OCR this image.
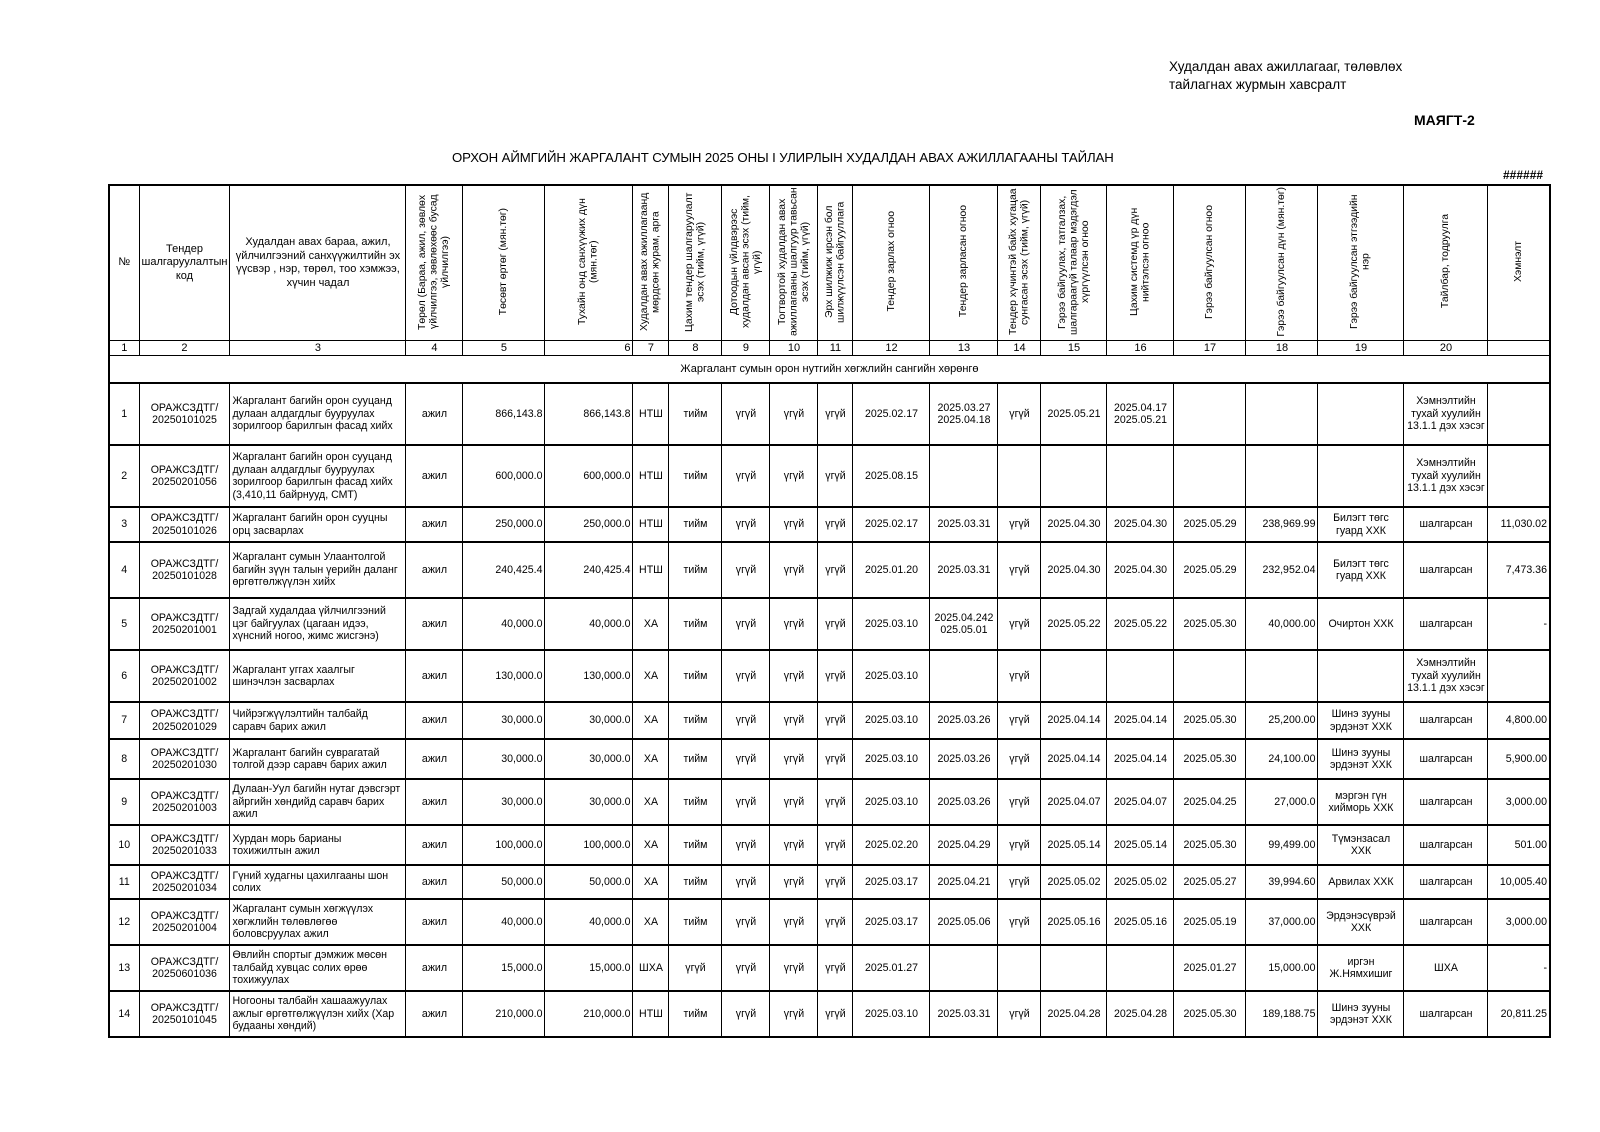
Худалдан авах ажиллагааг, төлөвлөх
тайлагнах журмын хавсралт
МАЯГТ-2
ОРХОН АЙМГИЙН ЖАРГАЛАНТ СУМЫН 2025 ОНЫ I УЛИРЛЫН ХУДАЛДАН АВАХ АЖИЛЛАГААНЫ ТАЙЛАН
######
№	Тендер шалгаруулалтын код	Худалдан авах бараа, ажил, үйлчилгээний санхүүжилтийн эх үүсвэр , нэр, төрөл, тоо хэмжээ, хүчин чадал	Төрөл (Бараа, ажил, зөвлөх үйлчилгээ, зөвлөхөөс бусад үйлчилгээ)	Төсөвт өртөг (мян.төг)	Тухайн онд санхүүжих дүн (мян.төг)	Худалдан авах ажиллагаанд мөрдсөн журам, арга	Цахим тендер шалгаруулалт эсэх (тийм, үгүй)	Дотоодын үйлдвэрээс худалдан авсан эсэх (тийм, үгүй)	Тогтвортой худалдан авах ажиллагааны шалгуур тавьсан эсэх (тийм, үгүй)	Эрх шилжиж ирсэн бол шилжүүлсэн байгууллага	Тендер зарлах огноо	Тендер зарласан огноо	Тендер хүчинтэй байх хугацаа сунгасан эсэх (тийм, үгүй)	Гэрээ байгуулах, татгалзах, шалгараагүй талаар мэдэгдэл хүргүүлсэн огноо	Цахим системд үр дүн нийтэлсэн огноо	Гэрээ байгуулсан огноо	Гэрээ байгуулсан дүн (мян.төг)	Гэрээ байгуулсан этгээдийн нэр	Тайлбар, тодруулга	Хэмнэлт
1	2	3	4	5	6	7	8	9	10	11	12	13	14	15	16	17	18	19	20	
Жаргалант сумын орон нутгийн хөгжлийн сангийн хөрөнгө																				
1	ОРАЖСЗДТГ/ 20250101025	Жаргалант багийн орон сууцанд дулаан алдагдлыг бууруулах зорилгоор барилгын фасад хийх	ажил	866,143.8	866,143.8	НТШ	тийм	үгүй	үгүй	үгүй	2025.02.17	2025.03.27 2025.04.18	үгүй	2025.05.21	2025.04.17 2025.05.21				Хэмнэлтийн тухай хуулийн 13.1.1 дэх хэсэг	
2	ОРАЖСЗДТГ/ 20250201056	Жаргалант багийн орон сууцанд дулаан алдагдлыг бууруулах зорилгоор барилгын фасад хийх (3,410,11 байрнууд, СМТ)	ажил	600,000.0	600,000.0	НТШ	тийм	үгүй	үгүй	үгүй	2025.08.15								Хэмнэлтийн тухай хуулийн 13.1.1 дэх хэсэг	
3	ОРАЖСЗДТГ/ 20250101026	Жаргалант багийн орон сууцны орц засварлах	ажил	250,000.0	250,000.0	НТШ	тийм	үгүй	үгүй	үгүй	2025.02.17	2025.03.31	үгүй	2025.04.30	2025.04.30	2025.05.29	238,969.99	Билэгт төгс гуард ХХК	шалгарсан	11,030.02
4	ОРАЖСЗДТГ/ 20250101028	Жаргалант сумын Улаантолгой багийн зүүн талын үерийн даланг өргөтгөлжүүлэн хийх	ажил	240,425.4	240,425.4	НТШ	тийм	үгүй	үгүй	үгүй	2025.01.20	2025.03.31	үгүй	2025.04.30	2025.04.30	2025.05.29	232,952.04	Билэгт төгс гуард ХХК	шалгарсан	7,473.36
5	ОРАЖСЗДТГ/ 20250201001	Задгай худалдаа үйлчилгээний цэг байгуулах (цагаан идээ, хүнсний ногоо, жимс жисгэнэ)	ажил	40,000.0	40,000.0	ХА	тийм	үгүй	үгүй	үгүй	2025.03.10	2025.04.242 025.05.01	үгүй	2025.05.22	2025.05.22	2025.05.30	40,000.00	Очиртон ХХК	шалгарсан	-
6	ОРАЖСЗДТГ/ 20250201002	Жаргалант уггах хаалгыг шинэчлэн засварлах	ажил	130,000.0	130,000.0	ХА	тийм	үгүй	үгүй	үгүй	2025.03.10		үгүй						Хэмнэлтийн тухай хуулийн 13.1.1 дэх хэсэг	
7	ОРАЖСЗДТГ/ 20250201029	Чийрэгжүүлэлтийн талбайд саравч барих ажил	ажил	30,000.0	30,000.0	ХА	тийм	үгүй	үгүй	үгүй	2025.03.10	2025.03.26	үгүй	2025.04.14	2025.04.14	2025.05.30	25,200.00	Шинэ зууны эрдэнэт ХХК	шалгарсан	4,800.00
8	ОРАЖСЗДТГ/ 20250201030	Жаргалант багийн суврагатай толгой дээр саравч барих ажил	ажил	30,000.0	30,000.0	ХА	тийм	үгүй	үгүй	үгүй	2025.03.10	2025.03.26	үгүй	2025.04.14	2025.04.14	2025.05.30	24,100.00	Шинэ зууны эрдэнэт ХХК	шалгарсан	5,900.00
9	ОРАЖСЗДТГ/ 20250201003	Дулаан-Уул багийн нутаг дэвсгэрт айргийн хөндийд саравч барих ажил	ажил	30,000.0	30,000.0	ХА	тийм	үгүй	үгүй	үгүй	2025.03.10	2025.03.26	үгүй	2025.04.07	2025.04.07	2025.04.25	27,000.0	мэргэн гүн хийморь ХХК	шалгарсан	3,000.00
10	ОРАЖСЗДТГ/ 20250201033	Хурдан морь барианы тохижилтын ажил	ажил	100,000.0	100,000.0	ХА	тийм	үгүй	үгүй	үгүй	2025.02.20	2025.04.29	үгүй	2025.05.14	2025.05.14	2025.05.30	99,499.00	Түмэнзасал ХХК	шалгарсан	501.00
11	ОРАЖСЗДТГ/ 20250201034	Гүний худагны цахилгааны шон солих	ажил	50,000.0	50,000.0	ХА	тийм	үгүй	үгүй	үгүй	2025.03.17	2025.04.21	үгүй	2025.05.02	2025.05.02	2025.05.27	39,994.60	Арвилах ХХК	шалгарсан	10,005.40
12	ОРАЖСЗДТГ/ 20250201004	Жаргалант сумын хөгжүүлэх хөгжлийн төлөвлөгөө боловсруулах ажил	ажил	40,000.0	40,000.0	ХА	тийм	үгүй	үгүй	үгүй	2025.03.17	2025.05.06	үгүй	2025.05.16	2025.05.16	2025.05.19	37,000.00	Эрдэнэсүврэй ХХК	шалгарсан	3,000.00
13	ОРАЖСЗДТГ/ 20250601036	Өвлийн спортыг дэмжиж мөсөн талбайд хувцас солих өрөө тохижуулах	ажил	15,000.0	15,000.0	ШХА	үгүй	үгүй	үгүй	үгүй	2025.01.27					2025.01.27	15,000.00	иргэн Ж.Нямхишиг	ШХА	-
14	ОРАЖСЗДТГ/ 20250101045	Ногооны талбайн хашаажуулах ажлыг өргөтгөлжүүлэн хийх (Хар будааны хөндий)	ажил	210,000.0	210,000.0	НТШ	тийм	үгүй	үгүй	үгүй	2025.03.10	2025.03.31	үгүй	2025.04.28	2025.04.28	2025.05.30	189,188.75	Шинэ зууны эрдэнэт ХХК	шалгарсан	20,811.25
